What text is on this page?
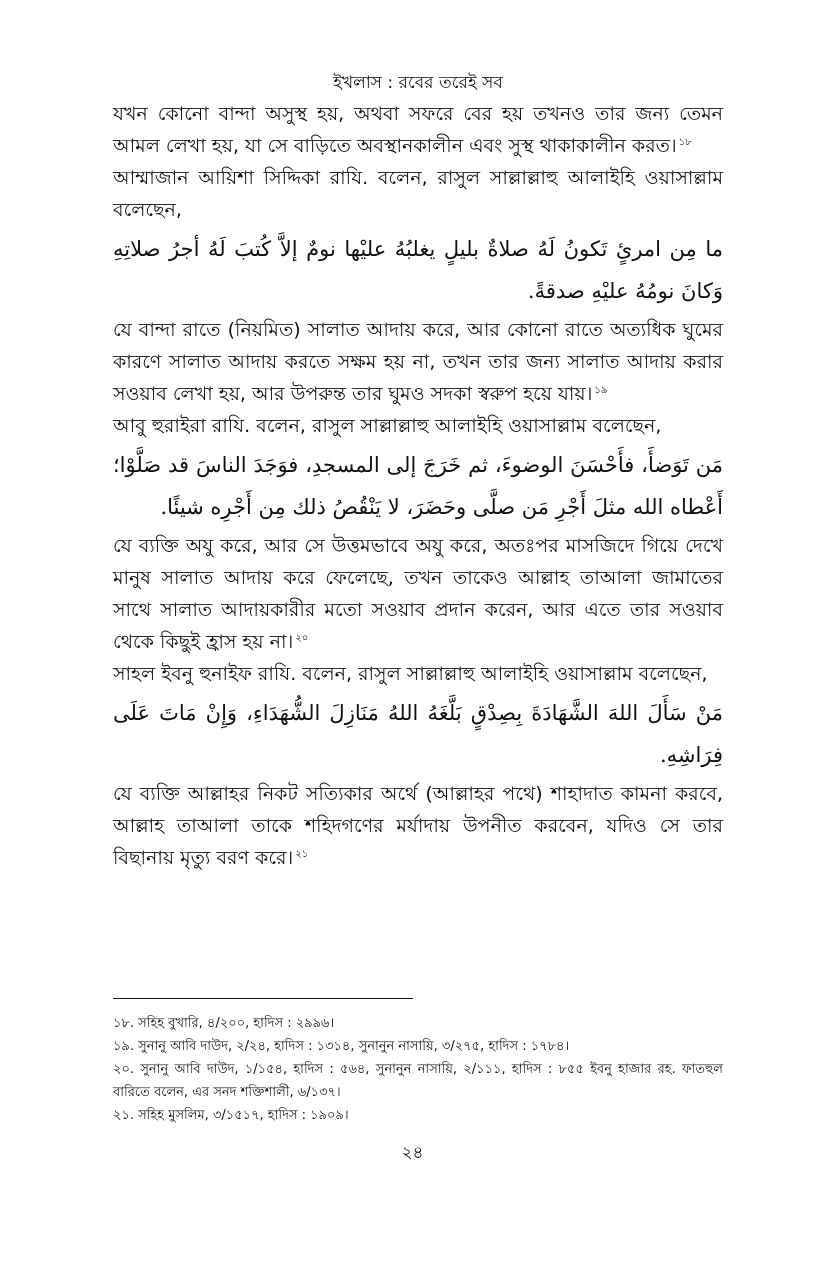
ইখলাস : রবের তরেই সব

যখন কোনো বান্দা অসুস্থ হয়, অথবা সফরে বের হয় তখনও তার জন্য তেমন আমল লেখা হয়, যা সে বাড়িতে অবস্থানকালীন এবং সুস্থ থাকাকালীন করত। $^{১৮}$

আম্মাজান আয়িশা সিদ্দিকা রাযি. বলেন, রাসুল সাল্লাল্লাহু আলাইহি ওয়াসাল্লাম বলেছেন,

ما مِن امرئٍ تَكونُ لَهُ صلاةٌ بليلٍ يغلبُهُ عليْها نومٌ إلاَّ كُتبَ لَهُ أجرُ صلاتِهِ وَكانَ نومُهُ عليْهِ صدقةً.

যে বান্দা রাতে (নিয়মিত) সালাত আদায় করে, আর কোনো রাতে অত্যধিক ঘুমের কারণে সালাত আদায় করতে সক্ষম হয় না, তখন তার জন্য সালাত আদায় করার সওয়াব লেখা হয়, আর উপরুন্ত তার ঘুমও সদকা স্বরুপ হয়ে যায়। $^{১৯}$

আবু হুরাইরা রাযি. বলেন, রাসুল সাল্লাল্লাহু আলাইহি ওয়াসাল্লাম বলেছেন,

مَن تَوَضأَ، فأَحْسَنَ الوضوءَ، ثم خَرَجَ إلى المسجدِ، فوَجَدَ الناسَ قد صَلَّوْا؛ أَعْطاه الله مثلَ أَجْرِ مَن صلَّى وحَضَرَ، لا يَنْقُصُ ذلك مِن أَجْرِه شيئًا.

যে ব্যক্তি অযু করে, আর সে উত্তমভাবে অযু করে, অতঃপর মাসজিদে গিয়ে দেখে মানুষ সালাত আদায় করে ফেলেছে, তখন তাকেও আল্লাহ তাআলা জামাতের সাথে সালাত আদায়কারীর মতো সওয়াব প্রদান করেন, আর এতে তার সওয়াব থেকে কিছুই হ্রাস হয় না। $^{২০}$

সাহল ইবনু হুনাইফ রাযি. বলেন, রাসুল সাল্লাল্লাহু আলাইহি ওয়াসাল্লাম বলেছেন,

مَنْ سَأَلَ اللهَ الشَّهَادَةَ بِصِدْقٍ بَلَّغَهُ اللهُ مَنَازِلَ الشُّهَدَاءِ، وَإِنْ مَاتَ عَلَى فِرَاشِهِ.

যে ব্যক্তি আল্লাহর নিকট সত্যিকার অর্থে (আল্লাহর পথে) শাহাদাত কামনা করবে, আল্লাহ তাআলা তাকে শহিদগণের মর্যাদায় উপনীত করবেন, যদিও সে তার বিছানায় মৃত্যু বরণ করে। $^{২১}$

১৮. সহিহ বুখারি, ৪/২০০, হাদিস : ২৯৯৬।

১৯. সুনানু আবি দাউদ, ২/২৪, হাদিস : ১৩১৪, সুনানুন নাসায়ি, ৩/২৭৫, হাদিস : ১৭৮৪।

২০. সুনানু আবি দাউদ, ১/১৫৪, হাদিস : ৫৬৪, সুনানুন নাসায়ি, ২/১১১, হাদিস : ৮৫৫ ইবনু হাজার রহ. ফাতহুল বারিতে বলেন, এর সনদ শক্তিশালী, ৬/১৩৭।

২১. সহিহ মুসলিম, ৩/১৫১৭, হাদিস : ১৯০৯।

২৪
